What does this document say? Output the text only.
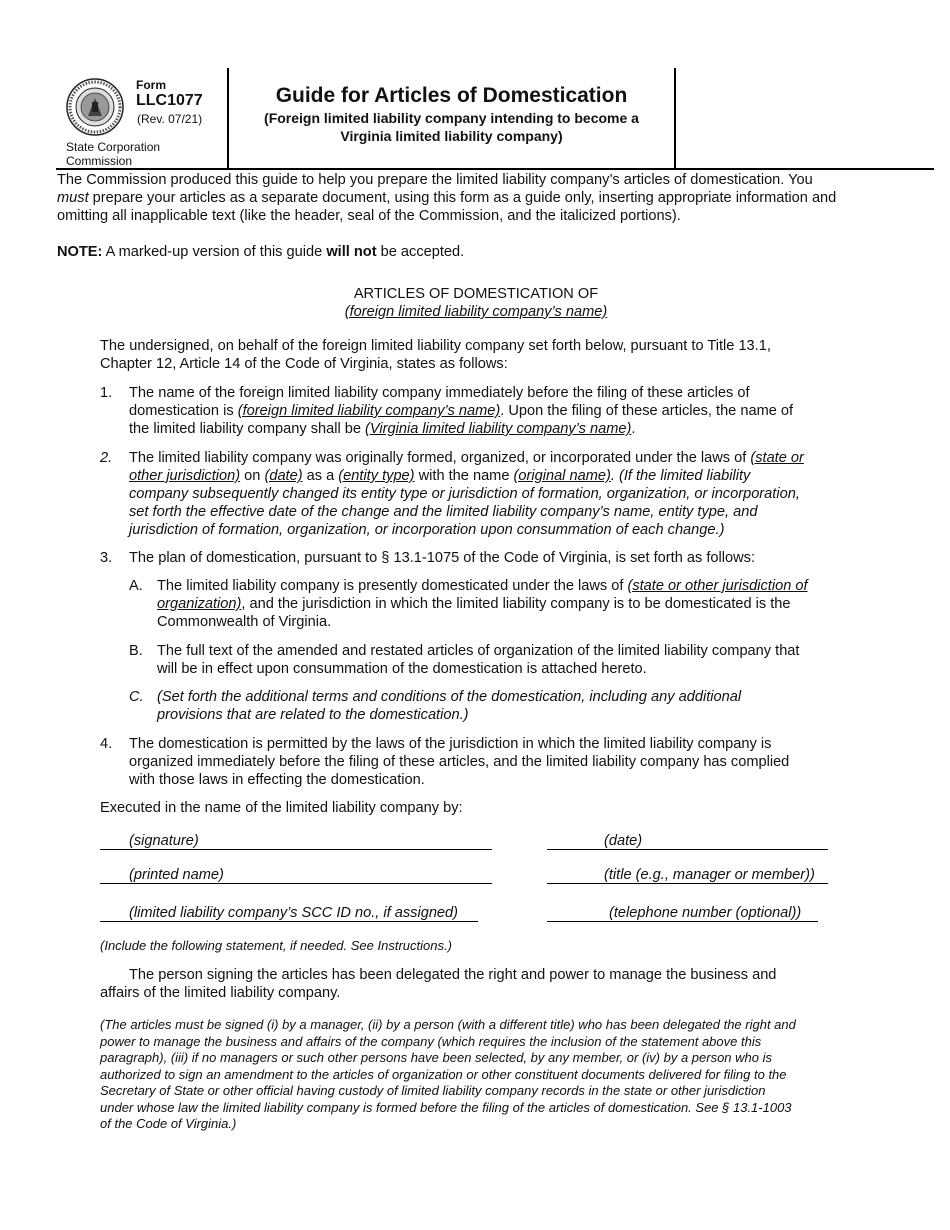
Form
LLC1077
(Rev. 07/21)
State Corporation
Commission
Guide for Articles of Domestication
(Foreign limited liability company intending to become a
Virginia limited liability company)
The Commission produced this guide to help you prepare the limited liability company’s articles of domestication. You
must prepare your articles as a separate document, using this form as a guide only, inserting appropriate information and
omitting all inapplicable text (like the header, seal of the Commission, and the italicized portions).
NOTE: A marked-up version of this guide will not be accepted.
ARTICLES OF DOMESTICATION OF
(foreign limited liability company’s name)
The undersigned, on behalf of the foreign limited liability company set forth below, pursuant to Title 13.1,
Chapter 12, Article 14 of the Code of Virginia, states as follows:
1. The name of the foreign limited liability company immediately before the filing of these articles of
domestication is (foreign limited liability company’s name). Upon the filing of these articles, the name of
the limited liability company shall be (Virginia limited liability company’s name).
2. The limited liability company was originally formed, organized, or incorporated under the laws of (state or
other jurisdiction) on (date) as a (entity type) with the name (original name). (If the limited liability
company subsequently changed its entity type or jurisdiction of formation, organization, or incorporation,
set forth the effective date of the change and the limited liability company’s name, entity type, and
jurisdiction of formation, organization, or incorporation upon consummation of each change.)
3. The plan of domestication, pursuant to § 13.1-1075 of the Code of Virginia, is set forth as follows:
A. The limited liability company is presently domesticated under the laws of (state or other jurisdiction of
organization), and the jurisdiction in which the limited liability company is to be domesticated is the
Commonwealth of Virginia.
B. The full text of the amended and restated articles of organization of the limited liability company that
will be in effect upon consummation of the domestication is attached hereto.
C. (Set forth the additional terms and conditions of the domestication, including any additional
provisions that are related to the domestication.)
4. The domestication is permitted by the laws of the jurisdiction in which the limited liability company is
organized immediately before the filing of these articles, and the limited liability company has complied
with those laws in effecting the domestication.
Executed in the name of the limited liability company by:
(signature)	(date)
(printed name)	(title (e.g., manager or member))
(limited liability company’s SCC ID no., if assigned)	(telephone number (optional))
(Include the following statement, if needed. See Instructions.)
The person signing the articles has been delegated the right and power to manage the business and
affairs of the limited liability company.
(The articles must be signed (i) by a manager, (ii) by a person (with a different title) who has been delegated the right and
power to manage the business and affairs of the company (which requires the inclusion of the statement above this
paragraph), (iii) if no managers or such other persons have been selected, by any member, or (iv) by a person who is
authorized to sign an amendment to the articles of organization or other constituent documents delivered for filing to the
Secretary of State or other official having custody of limited liability company records in the state or other jurisdiction
under whose law the limited liability company is formed before the filing of the articles of domestication. See § 13.1-1003
of the Code of Virginia.)
